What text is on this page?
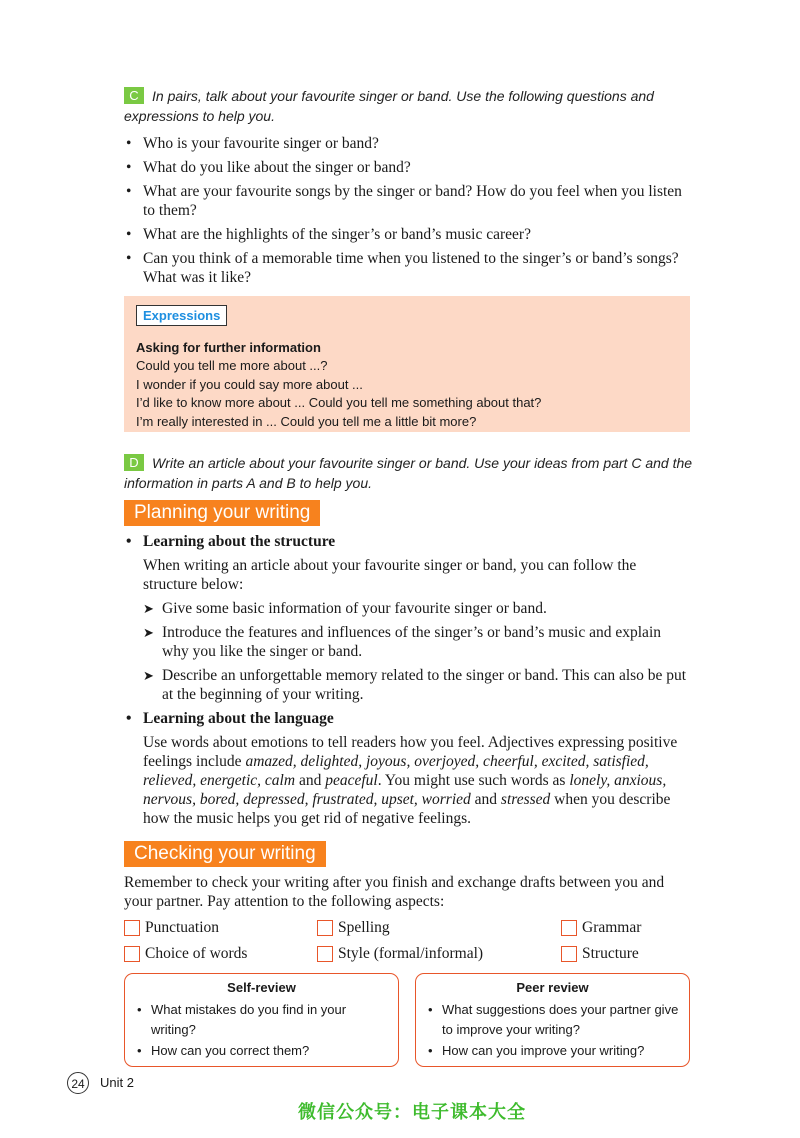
C In pairs, talk about your favourite singer or band. Use the following questions and expressions to help you.
• Who is your favourite singer or band?
• What do you like about the singer or band?
• What are your favourite songs by the singer or band? How do you feel when you listen to them?
• What are the highlights of the singer’s or band’s music career?
• Can you think of a memorable time when you listened to the singer’s or band’s songs? What was it like?
Expressions
Asking for further information
Could you tell me more about ...?
I wonder if you could say more about ...
I’d like to know more about ... Could you tell me something about that?
I’m really interested in ... Could you tell me a little bit more?
D Write an article about your favourite singer or band. Use your ideas from part C and the information in parts A and B to help you.
Planning your writing
• Learning about the structure
When writing an article about your favourite singer or band, you can follow the structure below:
➤ Give some basic information of your favourite singer or band.
➤ Introduce the features and influences of the singer’s or band’s music and explain why you like the singer or band.
➤ Describe an unforgettable memory related to the singer or band. This can also be put at the beginning of your writing.
• Learning about the language
Use words about emotions to tell readers how you feel. Adjectives expressing positive feelings include amazed, delighted, joyous, overjoyed, cheerful, excited, satisfied, relieved, energetic, calm and peaceful. You might use such words as lonely, anxious, nervous, bored, depressed, frustrated, upset, worried and stressed when you describe how the music helps you get rid of negative feelings.
Checking your writing
Remember to check your writing after you finish and exchange drafts between you and your partner. Pay attention to the following aspects:
Punctuation	Spelling	Grammar
Choice of words	Style (formal/informal)	Structure
Self-review
• What mistakes do you find in your writing?
• How can you correct them?
Peer review
• What suggestions does your partner give to improve your writing?
• How can you improve your writing?
24	Unit 2
微信公众号：电子课本大全
